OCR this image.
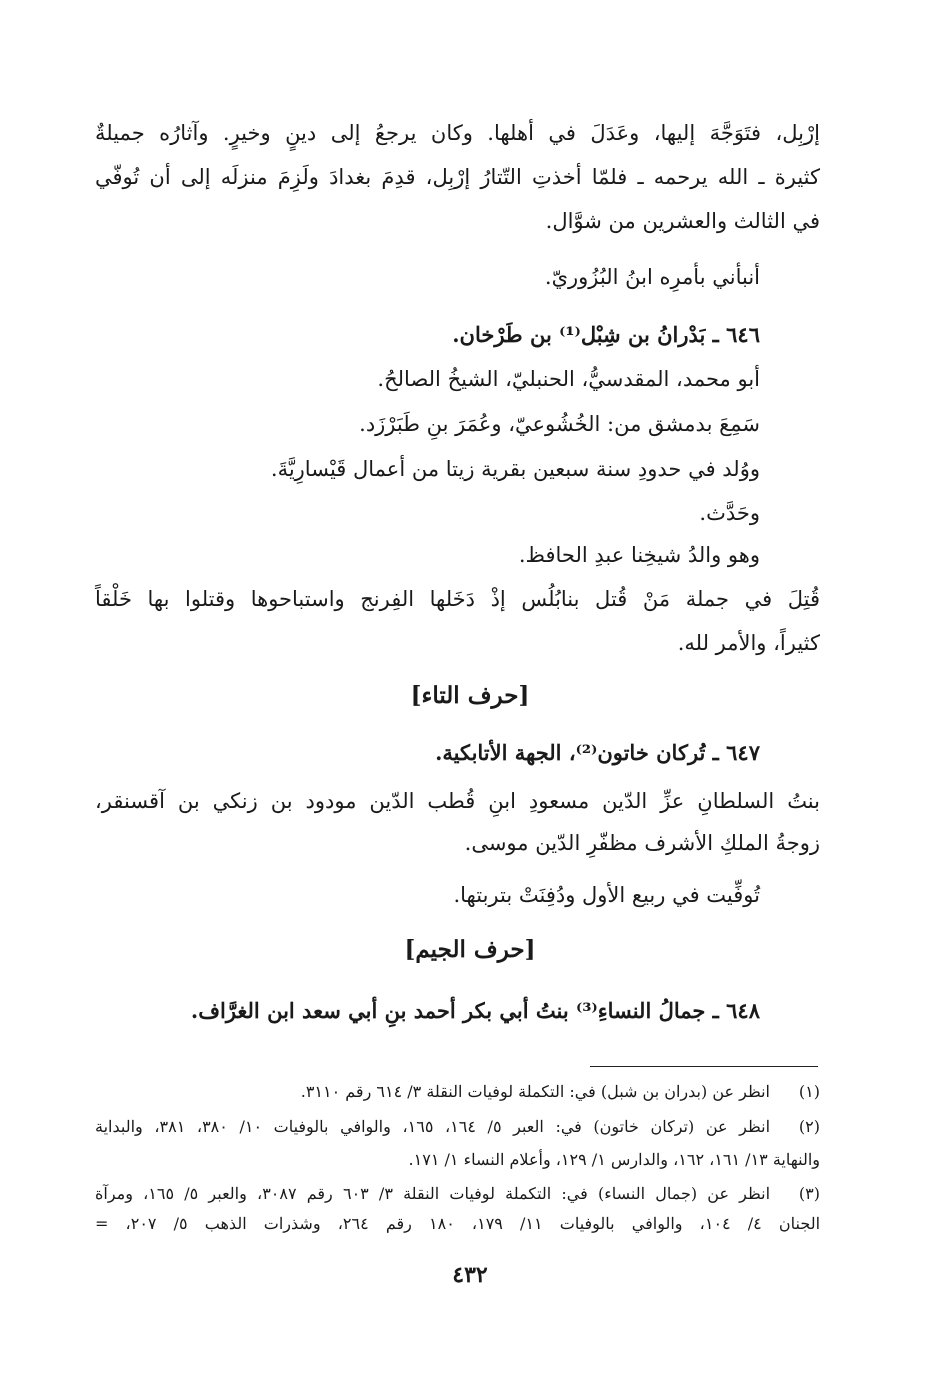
إرْبِل، فتَوَجَّهَ إليها، وعَدَلَ في أهلها. وكان يرجعُ إلى دينٍ وخيرٍ. وآثارُه جميلةٌ
كثيرة ـ الله يرحمه ـ فلمّا أخذتِ التّتارُ إرْبِل، قدِمَ بغدادَ ولَزِمَ منزلَه إلى أن تُوفّي
في الثالث والعشرين من شوَّال.
أنبأني بأمرِه ابنُ البُزُوريّ.
٦٤٦ ـ بَدْرانُ بن شِبْل⁽¹⁾ بن طَرْخان.
أبو محمد، المقدسيُّ، الحنبليّ، الشيخُ الصالحُ.
سَمِعَ بدمشق من: الخُشُوعيّ، وعُمَرَ بنِ طَبَرْزَد.
ووُلد في حدودِ سنة سبعين بقرية زيتا من أعمال قَيْسارِيَّةَ.
وحَدَّث.
وهو والدُ شيخِنا عبدِ الحافظ.
قُتِلَ في جملة مَنْ قُتل بنابُلُس إذْ دَخَلها الفِرنج واستباحوها وقتلوا بها خَلْقاً
كثيراً، والأمر لله.
[حرف التاء]
٦٤٧ ـ تُركان خاتون⁽²⁾، الجهة الأتابكية.
بنتُ السلطانِ عزِّ الدّين مسعودِ ابنِ قُطب الدّين مودود بن زنكي بن آقسنقر،
زوجةُ الملكِ الأشرف مظفّرِ الدّين موسى.
تُوفِّيت في ربيع الأول ودُفِنَتْ بتربتها.
[حرف الجيم]
٦٤٨ ـ جمالُ النساءِ⁽³⁾ بنتُ أبي بكر أحمد بنِ أبي سعد ابن الغرَّاف.
(١)
انظر عن (بدران بن شبل) في: التكملة لوفيات النقلة ٣/ ٦١٤ رقم ٣١١٠.
(٢)
انظر عن (تركان خاتون) في: العبر ٥/ ١٦٤، ١٦٥، والوافي بالوفيات ١٠/ ٣٨٠، ٣٨١، والبداية
والنهاية ١٣/ ١٦١، ١٦٢، والدارس ١/ ١٢٩، وأعلام النساء ١/ ١٧١.
(٣)
انظر عن (جمال النساء) في: التكملة لوفيات النقلة ٣/ ٦٠٣ رقم ٣٠٨٧، والعبر ٥/ ١٦٥، ومرآة
الجنان ٤/ ١٠٤، والوافي بالوفيات ١١/ ١٧٩، ١٨٠ رقم ٢٦٤، وشذرات الذهب ٥/ ٢٠٧، =
٤٣٢
